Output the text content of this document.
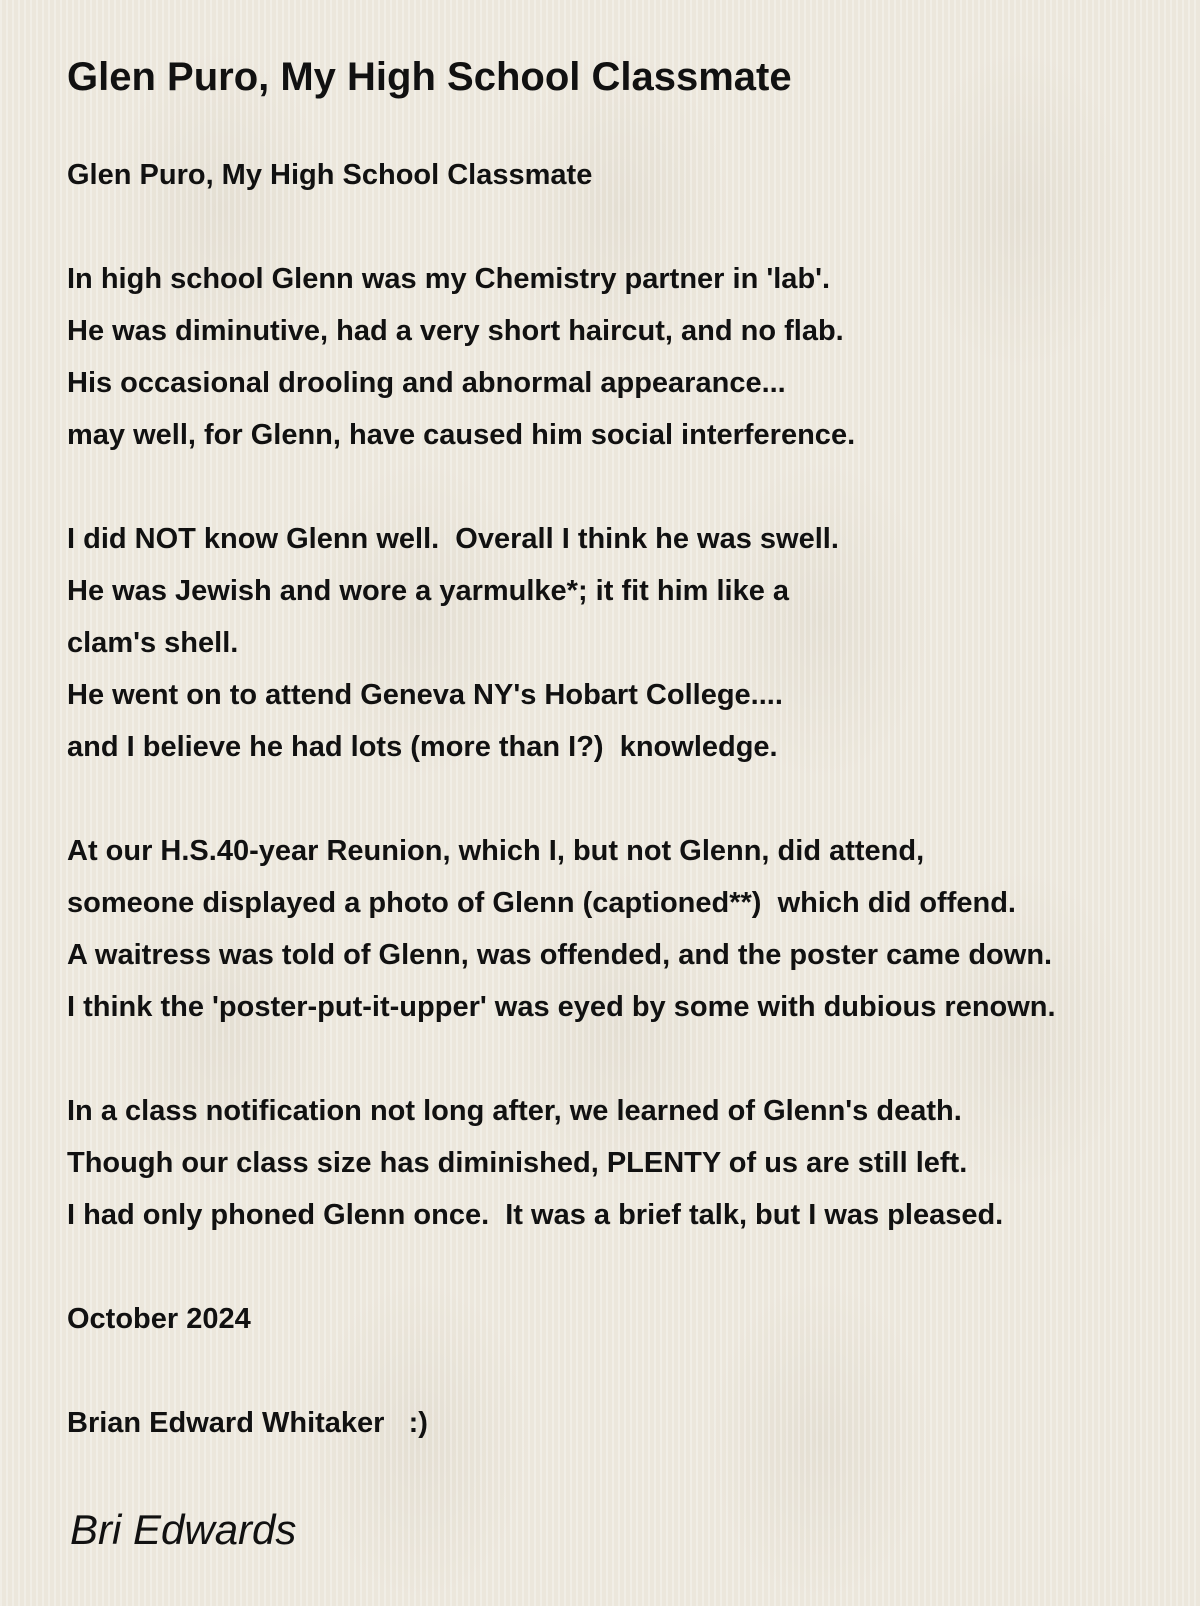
Glen Puro, My High School Classmate
Glen Puro, My High School Classmate
In high school Glenn was my Chemistry partner in 'lab'.
He was diminutive, had a very short haircut, and no flab.
His occasional drooling and abnormal appearance...
may well, for Glenn, have caused him social interference.
I did NOT know Glenn well.  Overall I think he was swell.
He was Jewish and wore a yarmulke*; it fit him like a
clam's shell.
He went on to attend Geneva NY's Hobart College....
and I believe he had lots (more than I?)  knowledge.
At our H.S.40-year Reunion, which I, but not Glenn, did attend,
someone displayed a photo of Glenn (captioned**)  which did offend.
A waitress was told of Glenn, was offended, and the poster came down.
I think the 'poster-put-it-upper' was eyed by some with dubious renown.
In a class notification not long after, we learned of Glenn's death.
Though our class size has diminished, PLENTY of us are still left.
I had only phoned Glenn once.  It was a brief talk, but I was pleased.
October 2024
Brian Edward Whitaker   :)
Bri Edwards
